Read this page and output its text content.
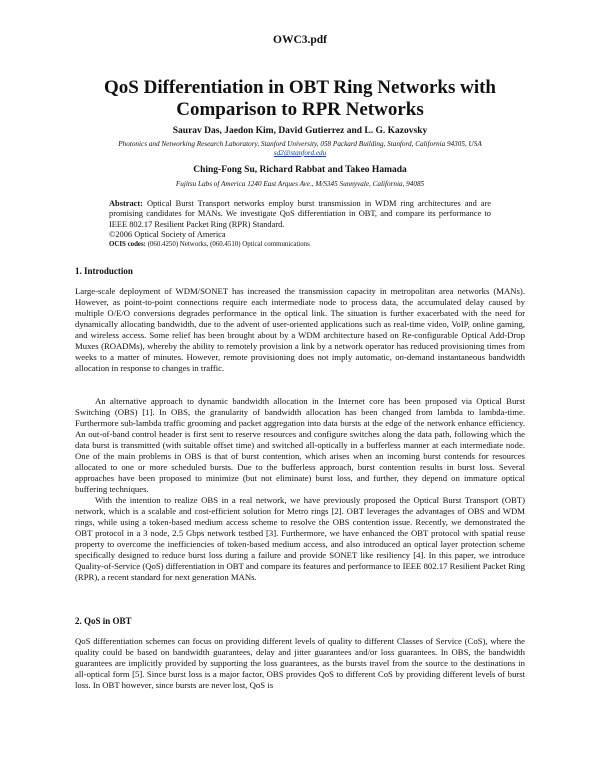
OWC3.pdf
QoS Differentiation in OBT Ring Networks with
Comparison to RPR Networks
Saurav Das, Jaedon Kim, David Gutierrez and L. G. Kazovsky
Photonics and Networking Research Laboratory, Stanford University, 058 Packard Building, Stanford, California 94305, USA
sd2@stanford.edu
Ching-Fong Su, Richard Rabbat and Takeo Hamada
Fujitsu Labs of America 1240 East Arques Ave., M/S345 Sunnyvale, California, 94085
Abstract: Optical Burst Transport networks employ burst transmission in WDM ring architectures and are promising candidates for MANs. We investigate QoS differentiation in OBT, and compare its performance to IEEE 802.17 Resilient Packet Ring (RPR) Standard.
©2006 Optical Society of America
OCIS codes: (060.4250) Networks, (060.4510) Optical communications
1. Introduction

Large-scale deployment of WDM/SONET has increased the transmission capacity in metropolitan area networks (MANs). However, as point-to-point connections require each intermediate node to process data, the accumulated delay caused by multiple O/E/O conversions degrades performance in the optical link. The situation is further exacerbated with the need for dynamically allocating bandwidth, due to the advent of user-oriented applications such as real-time video, VoIP, online gaming, and wireless access. Some relief has been brought about by a WDM architecture based on Re-configurable Optical Add-Drop Muxes (ROADMs), whereby the ability to remotely provision a link by a network operator has reduced provisioning times from weeks to a matter of minutes. However, remote provisioning does not imply automatic, on-demand instantaneous bandwidth allocation in response to changes in traffic.

An alternative approach to dynamic bandwidth allocation in the Internet core has been proposed via Optical Burst Switching (OBS) [1]. In OBS, the granularity of bandwidth allocation has been changed from lambda to lambda-time. Furthermore sub-lambda traffic grooming and packet aggregation into data bursts at the edge of the network enhance efficiency. An out-of-band control header is first sent to reserve resources and configure switches along the data path, following which the data burst is transmitted (with suitable offset time) and switched all-optically in a bufferless manner at each intermediate node. One of the main problems in OBS is that of burst contention, which arises when an incoming burst contends for resources allocated to one or more scheduled bursts. Due to the bufferless approach, burst contention results in burst loss. Several approaches have been proposed to minimize (but not eliminate) burst loss, and further, they depend on immature optical buffering techniques.

With the intention to realize OBS in a real network, we have previously proposed the Optical Burst Transport (OBT) network, which is a scalable and cost-efficient solution for Metro rings [2]. OBT leverages the advantages of OBS and WDM rings, while using a token-based medium access scheme to resolve the OBS contention issue. Recently, we demonstrated the OBT protocol in a 3 node, 2.5 Gbps network testbed [3]. Furthermore, we have enhanced the OBT protocol with spatial reuse property to overcome the inefficiencies of token-based medium access, and also introduced an optical layer protection scheme specifically designed to reduce burst loss during a failure and provide SONET like resiliency [4]. In this paper, we introduce Quality-of-Service (QoS) differentiation in OBT and compare its features and performance to IEEE 802.17 Resilient Packet Ring (RPR), a recent standard for next generation MANs.

2. QoS in OBT

QoS differentiation schemes can focus on providing different levels of quality to different Classes of Service (CoS), where the quality could be based on bandwidth guarantees, delay and jitter guarantees and/or loss guarantees. In OBS, the bandwidth guarantees are implicitly provided by supporting the loss guarantees, as the bursts travel from the source to the destinations in all-optical form [5]. Since burst loss is a major factor, OBS provides QoS to different CoS by providing different levels of burst loss. In OBT however, since bursts are never lost, QoS is
